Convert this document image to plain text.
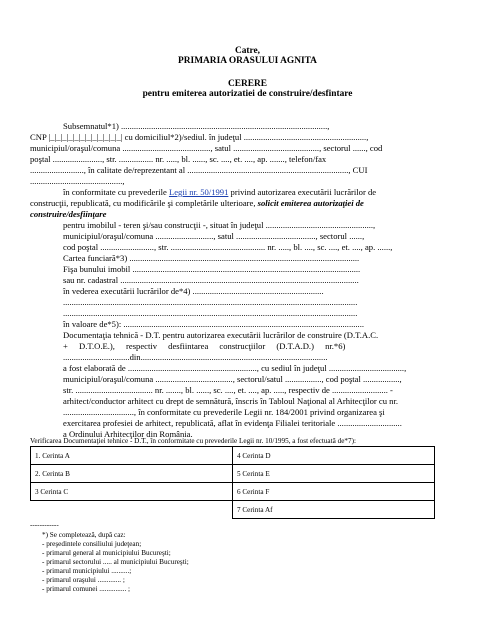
Catre,
PRIMARIA ORASULUI AGNITA
CERERE
pentru emiterea autorizatiei de construire/desfintare
Subsemnatul*1) ................................................................................................,
CNP |_|_|_|_|_|_|_|_|_|_|_|_| cu domiciliul*2)/sediul. în judeţul .........................................................,
municipiul/oraşul/comuna ........................................., satul ........................................, sectorul ......, cod
poştal ......................., str. ................ nr. ....., bl. ......, sc. ...., et. ...., ap. ......., telefon/fax
........................., în calitate de/reprezentant al ..........................................................................., CUI
...........................................,
în conformitate cu prevederile Legii nr. 50/1991 privind autorizarea executării lucrărilor de
construcţii, republicată, cu modificările şi completările ulterioare, solicit emiterea autorizaţiei de
construire/desfiinţare
pentru imobilul - teren şi/sau construcţii -, situat în judeţul ..................................................,
municipiul/oraşul/comuna ..........................., satul ....................................., sectorul ......,
cod poştal ........................., str. ............................................ nr. ....., bl. ...., sc. ...., et. ...., ap. ......,
Cartea funciară*3) ...........................................................................................................
Fişa bunului imobil ..........................................................................................................
sau nr. cadastral ...............................................................................................................
în vederea executării lucrărilor de*4) .............................................................
.........................................................................................................................................
.........................................................................................................................................
în valoare de*5): ................................................................................................................
Documentaţia tehnică - D.T. pentru autorizarea executării lucrărilor de construire (D.T.A.C.
+ D.T.O.E.), respectiv desfiintarea construcţiilor (D.T.A.D.) nr.*6)
...............................din.......................................................................................
a fost elaborată de ............................................................, cu sediul în judeţul ...................................,
municipiul/oraşul/comuna ...................................., sectorul/satul ................., cod poştal .................,
str. .................................... nr. ......., bl. ......, sc. ...., et. ...., ap. ....., respectiv de .......................... -
arhitect/conductor arhitect cu drept de semnătură, înscris în Tabloul Naţional al Arhitecţilor cu nr.
................................., în conformitate cu prevederile Legii nr. 184/2001 privind organizarea şi
exercitarea profesiei de arhitect, republicată, aflat în evidenţa Filialei teritoriale ..............................
a Ordinului Arhitecţilor din România.
Verificarea Documentaţiei tehnice - D.T., în conformitate cu prevederile Legii nr. 10/1995, a fost efectuată de*7):
1. Cerinta A	4 Cerinta D
2. Cerinta B	5 Cerinta E
3 Cerinta C	6 Cerinta F
	7 Cerinta Af
------------
*) Se completează, după caz:
- preşedintele consiliului judeţean;
- primarul general al municipiului Bucureşti;
- primarul sectorului ..... al municipiului Bucureşti;
- primarul municipiului ..........;
- primarul oraşului ............. ;
- primarul comunei ............... ;
